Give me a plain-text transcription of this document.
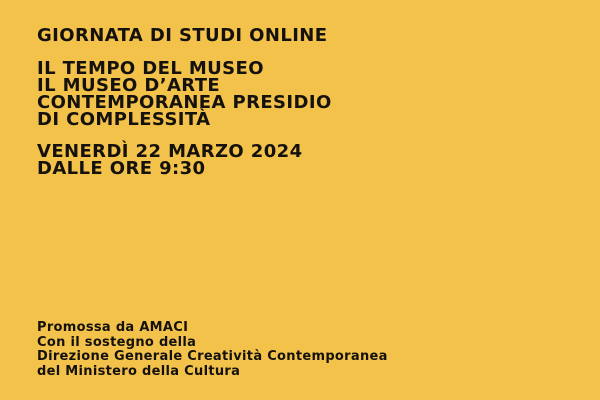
GIORNATA DI STUDI ONLINE
IL TEMPO DEL MUSEO
IL MUSEO D’ARTE
CONTEMPORANEA PRESIDIO
DI COMPLESSITÀ
VENERDÌ 22 MARZO 2024
DALLE ORE 9:30
Promossa da AMACI
Con il sostegno della
Direzione Generale Creatività Contemporanea
del Ministero della Cultura
